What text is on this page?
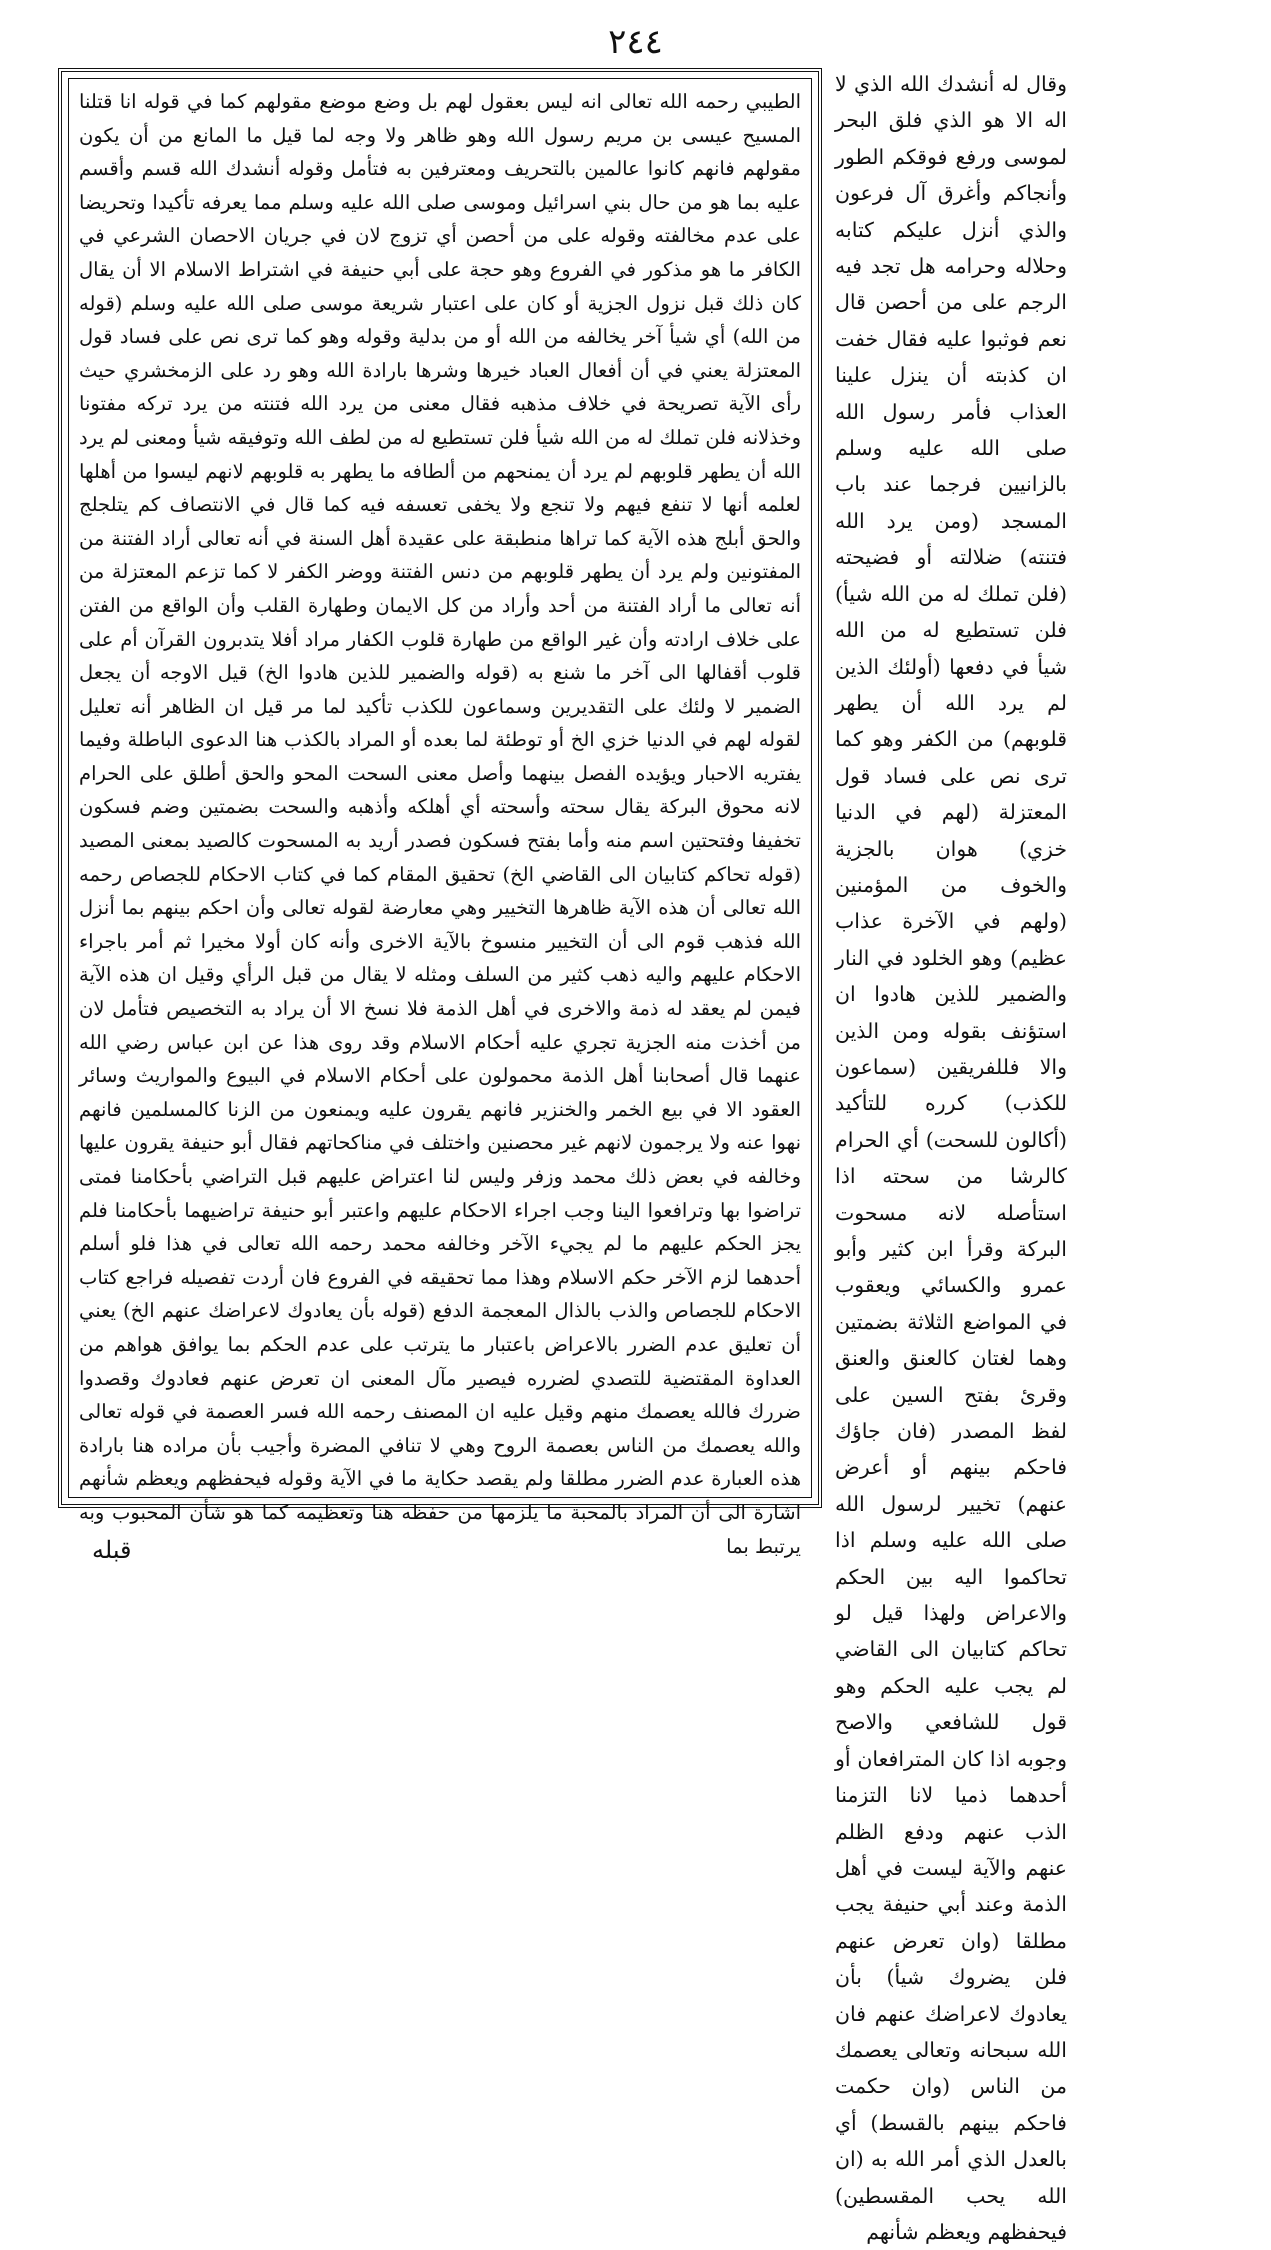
٢٤٤

الطيبي رحمه الله تعالى انه ليس بعقول لهم بل وضع موضع مقولهم كما في قوله انا قتلنا المسيح عيسى بن مريم رسول الله وهو ظاهر ولا وجه لما قيل ما المانع من أن يكون مقولهم فانهم كانوا عالمين بالتحريف ومعترفين به فتأمل وقوله أنشدك الله قسم وأقسم عليه بما هو من حال بني اسرائيل وموسى صلى الله عليه وسلم مما يعرفه تأكيدا وتحريضا على عدم مخالفته وقوله على من أحصن أي تزوج لان في جريان الاحصان الشرعي في الكافر ما هو مذكور في الفروع وهو حجة على أبي حنيفة في اشتراط الاسلام الا أن يقال كان ذلك قبل نزول الجزية أو كان على اعتبار شريعة موسى صلى الله عليه وسلم (قوله من الله) أي شيأ آخر يخالفه من الله أو من بدلية وقوله وهو كما ترى نص على فساد قول المعتزلة يعني في أن أفعال العباد خيرها وشرها بارادة الله وهو رد على الزمخشري حيث رأى الآية تصريحة في خلاف مذهبه فقال معنى من يرد الله فتنته من يرد تركه مفتونا وخذلانه فلن تملك له من الله شيأ فلن تستطيع له من لطف الله وتوفيقه شيأ ومعنى لم يرد الله أن يطهر قلوبهم لم يرد أن يمنحهم من ألطافه ما يطهر به قلوبهم لانهم ليسوا من أهلها لعلمه أنها لا تنفع فيهم ولا تنجع ولا يخفى تعسفه فيه كما قال في الانتصاف كم يتلجلج والحق أبلج هذه الآية كما تراها منطبقة على عقيدة أهل السنة في أنه تعالى أراد الفتنة من المفتونين ولم يرد أن يطهر قلوبهم من دنس الفتنة ووضر الكفر لا كما تزعم المعتزلة من أنه تعالى ما أراد الفتنة من أحد وأراد من كل الايمان وطهارة القلب وأن الواقع من الفتن على خلاف ارادته وأن غير الواقع من طهارة قلوب الكفار مراد أفلا يتدبرون القرآن أم على قلوب أقفالها الى آخر ما شنع به (قوله والضمير للذين هادوا الخ) قيل الاوجه أن يجعل الضمير لا ولئك على التقديرين وسماعون للكذب تأكيد لما مر قيل ان الظاهر أنه تعليل لقوله لهم في الدنيا خزي الخ أو توطئة لما بعده أو المراد بالكذب هنا الدعوى الباطلة وفيما يفتريه الاحبار ويؤيده الفصل بينهما وأصل معنى السحت المحو والحق أطلق على الحرام لانه محوق البركة يقال سحته وأسحته أي أهلكه وأذهبه والسحت بضمتين وضم فسكون تخفيفا وفتحتين اسم منه وأما بفتح فسكون فصدر أريد به المسحوت كالصيد بمعنى المصيد (قوله تحاكم كتابيان الى القاضي الخ) تحقيق المقام كما في كتاب الاحكام للجصاص رحمه الله تعالى أن هذه الآية ظاهرها التخيير وهي معارضة لقوله تعالى وأن احكم بينهم بما أنزل الله فذهب قوم الى أن التخيير منسوخ بالآية الاخرى وأنه كان أولا مخيرا ثم أمر باجراء الاحكام عليهم واليه ذهب كثير من السلف ومثله لا يقال من قبل الرأي وقيل ان هذه الآية فيمن لم يعقد له ذمة والاخرى في أهل الذمة فلا نسخ الا أن يراد به التخصيص فتأمل لان من أخذت منه الجزية تجري عليه أحكام الاسلام وقد روى هذا عن ابن عباس رضي الله عنهما قال أصحابنا أهل الذمة محمولون على أحكام الاسلام في البيوع والمواريث وسائر العقود الا في بيع الخمر والخنزير فانهم يقرون عليه ويمنعون من الزنا كالمسلمين فانهم نهوا عنه ولا يرجمون لانهم غير محصنين واختلف في مناكحاتهم فقال أبو حنيفة يقرون عليها وخالفه في بعض ذلك محمد وزفر وليس لنا اعتراض عليهم قبل التراضي بأحكامنا فمتى تراضوا بها وترافعوا الينا وجب اجراء الاحكام عليهم واعتبر أبو حنيفة تراضيهما بأحكامنا فلم يجز الحكم عليهم ما لم يجيء الآخر وخالفه محمد رحمه الله تعالى في هذا فلو أسلم أحدهما لزم الآخر حكم الاسلام وهذا مما تحقيقه في الفروع فان أردت تفصيله فراجع كتاب الاحكام للجصاص والذب بالذال المعجمة الدفع (قوله بأن يعادوك لاعراضك عنهم الخ) يعني أن تعليق عدم الضرر بالاعراض باعتبار ما يترتب على عدم الحكم بما يوافق هواهم من العداوة المقتضية للتصدي لضرره فيصير مآل المعنى ان تعرض عنهم فعادوك وقصدوا ضررك فالله يعصمك منهم وقيل عليه ان المصنف رحمه الله فسر العصمة في قوله تعالى والله يعصمك من الناس بعصمة الروح وهي لا تنافي المضرة وأجيب بأن مراده هنا بارادة هذه العبارة عدم الضرر مطلقا ولم يقصد حكاية ما في الآية وقوله فيحفظهم ويعظم شأنهم اشارة الى أن المراد بالمحبة ما يلزمها من حفظه هنا وتعظيمه كما هو شأن المحبوب وبه يرتبط بما

وقال له أنشدك الله الذي لا اله الا هو الذي فلق البحر لموسى ورفع فوقكم الطور وأنجاكم وأغرق آل فرعون والذي أنزل عليكم كتابه وحلاله وحرامه هل تجد فيه الرجم على من أحصن قال نعم فوثبوا عليه فقال خفت ان كذبته أن ينزل علينا العذاب فأمر رسول الله صلى الله عليه وسلم بالزانيين فرجما عند باب المسجد (ومن يرد الله فتنته) ضلالته أو فضيحته (فلن تملك له من الله شيأ) فلن تستطيع له من الله شيأ في دفعها (أولئك الذين لم يرد الله أن يطهر قلوبهم) من الكفر وهو كما ترى نص على فساد قول المعتزلة (لهم في الدنيا خزي) هوان بالجزية والخوف من المؤمنين (ولهم في الآخرة عذاب عظيم) وهو الخلود في النار والضمير للذين هادوا ان استؤنف بقوله ومن الذين والا فللفريقين (سماعون للكذب) كرره للتأكيد (أكالون للسحت) أي الحرام كالرشا من سحته اذا استأصله لانه مسحوت البركة وقرأ ابن كثير وأبو عمرو والكسائي ويعقوب في المواضع الثلاثة بضمتين وهما لغتان كالعنق والعنق وقرئ بفتح السين على لفظ المصدر (فان جاؤك فاحكم بينهم أو أعرض عنهم) تخيير لرسول الله صلى الله عليه وسلم اذا تحاكموا اليه بين الحكم والاعراض ولهذا قيل لو تحاكم كتابيان الى القاضي لم يجب عليه الحكم وهو قول للشافعي والاصح وجوبه اذا كان المترافعان أو أحدهما ذميا لانا التزمنا الذب عنهم ودفع الظلم عنهم والآية ليست في أهل الذمة وعند أبي حنيفة يجب مطلقا (وان تعرض عنهم فلن يضروك شيأ) بأن يعادوك لاعراضك عنهم فان الله سبحانه وتعالى يعصمك من الناس (وان حكمت فاحكم بينهم بالقسط) أي بالعدل الذي أمر الله به (ان الله يحب المقسطين) فيحفظهم ويعظم شأنهم

قبله
